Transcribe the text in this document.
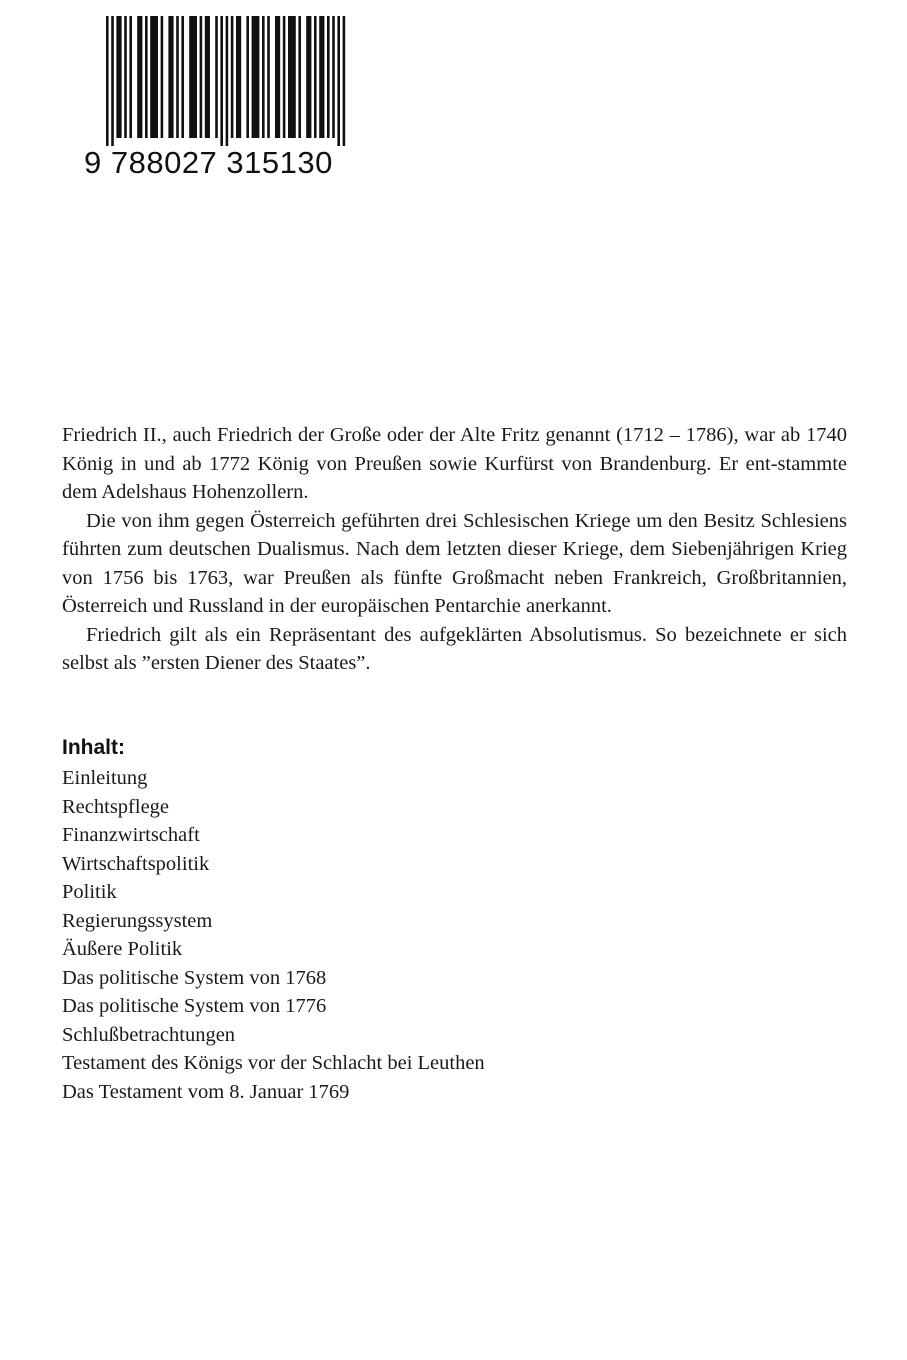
9 788027 315130

Friedrich II., auch Friedrich der Große oder der Alte Fritz genannt (1712 – 1786), war ab 1740 König in und ab 1772 König von Preußen sowie Kurfürst von Brandenburg. Er ent-stammte dem Adelshaus Hohenzollern.

Die von ihm gegen Österreich geführten drei Schlesischen Kriege um den Besitz Schlesiens führten zum deutschen Dualismus. Nach dem letzten dieser Kriege, dem Siebenjährigen Krieg von 1756 bis 1763, war Preußen als fünfte Großmacht neben Frankreich, Großbritannien, Österreich und Russland in der europäischen Pentarchie anerkannt.

Friedrich gilt als ein Repräsentant des aufgeklärten Absolutismus. So bezeichnete er sich selbst als ”ersten Diener des Staates”.

Inhalt:
Einleitung
Rechtspflege
Finanzwirtschaft
Wirtschaftspolitik
Politik
Regierungssystem
Äußere Politik
Das politische System von 1768
Das politische System von 1776
Schlußbetrachtungen
Testament des Königs vor der Schlacht bei Leuthen
Das Testament vom 8. Januar 1769
